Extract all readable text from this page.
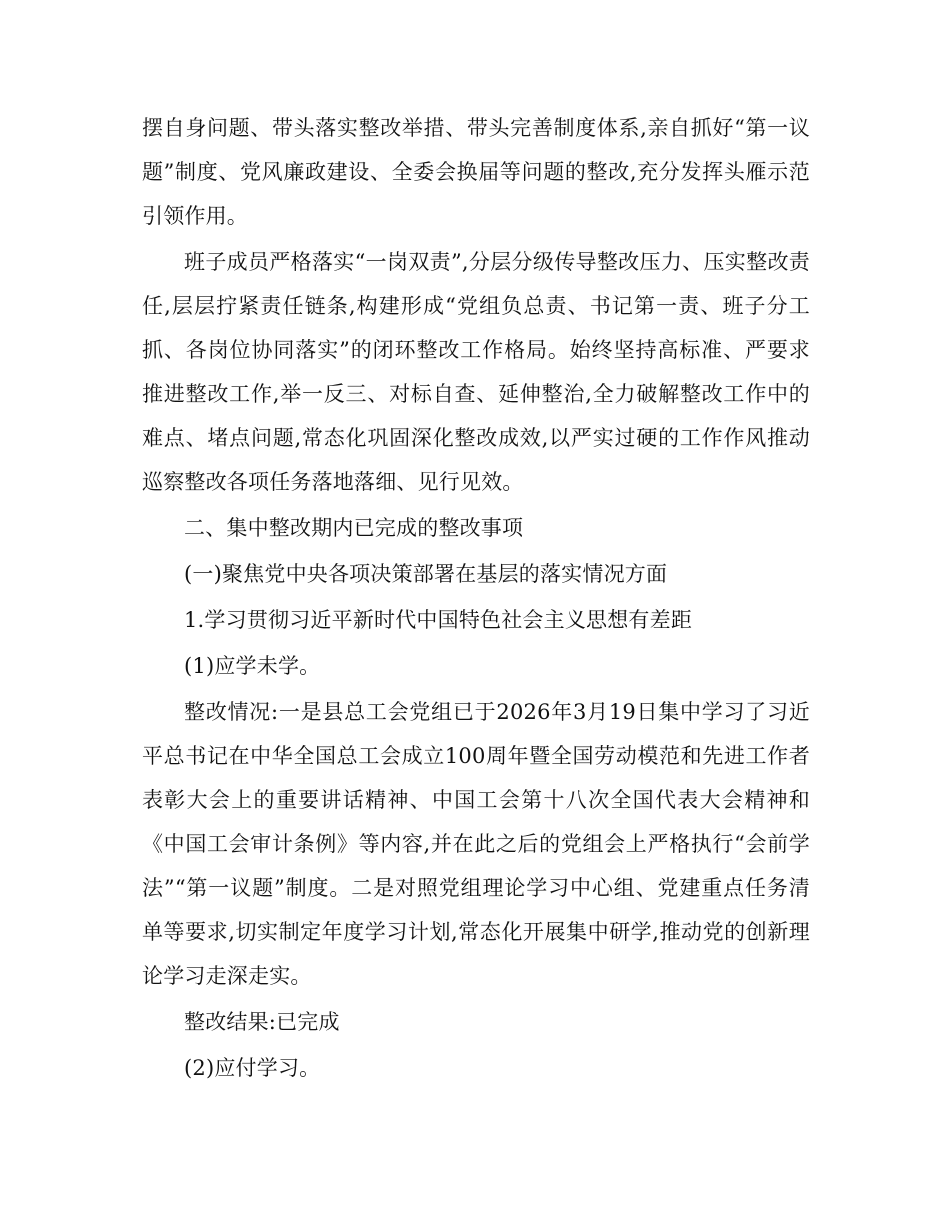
摆自身问题、带头落实整改举措、带头完善制度体系,亲自抓好“第一议题”制度、党风廉政建设、全委会换届等问题的整改,充分发挥头雁示范引领作用。

班子成员严格落实“一岗双责”,分层分级传导整改压力、压实整改责任,层层拧紧责任链条,构建形成“党组负总责、书记第一责、班子分工抓、各岗位协同落实”的闭环整改工作格局。始终坚持高标准、严要求推进整改工作,举一反三、对标自查、延伸整治,全力破解整改工作中的难点、堵点问题,常态化巩固深化整改成效,以严实过硬的工作作风推动巡察整改各项任务落地落细、见行见效。

二、集中整改期内已完成的整改事项

(一)聚焦党中央各项决策部署在基层的落实情况方面

1.学习贯彻习近平新时代中国特色社会主义思想有差距

(1)应学未学。

整改情况:一是县总工会党组已于2026年3月19日集中学习了习近平总书记在中华全国总工会成立100周年暨全国劳动模范和先进工作者表彰大会上的重要讲话精神、中国工会第十八次全国代表大会精神和《中国工会审计条例》等内容,并在此之后的党组会上严格执行“会前学法”“第一议题”制度。二是对照党组理论学习中心组、党建重点任务清单等要求,切实制定年度学习计划,常态化开展集中研学,推动党的创新理论学习走深走实。

整改结果:已完成

(2)应付学习。
